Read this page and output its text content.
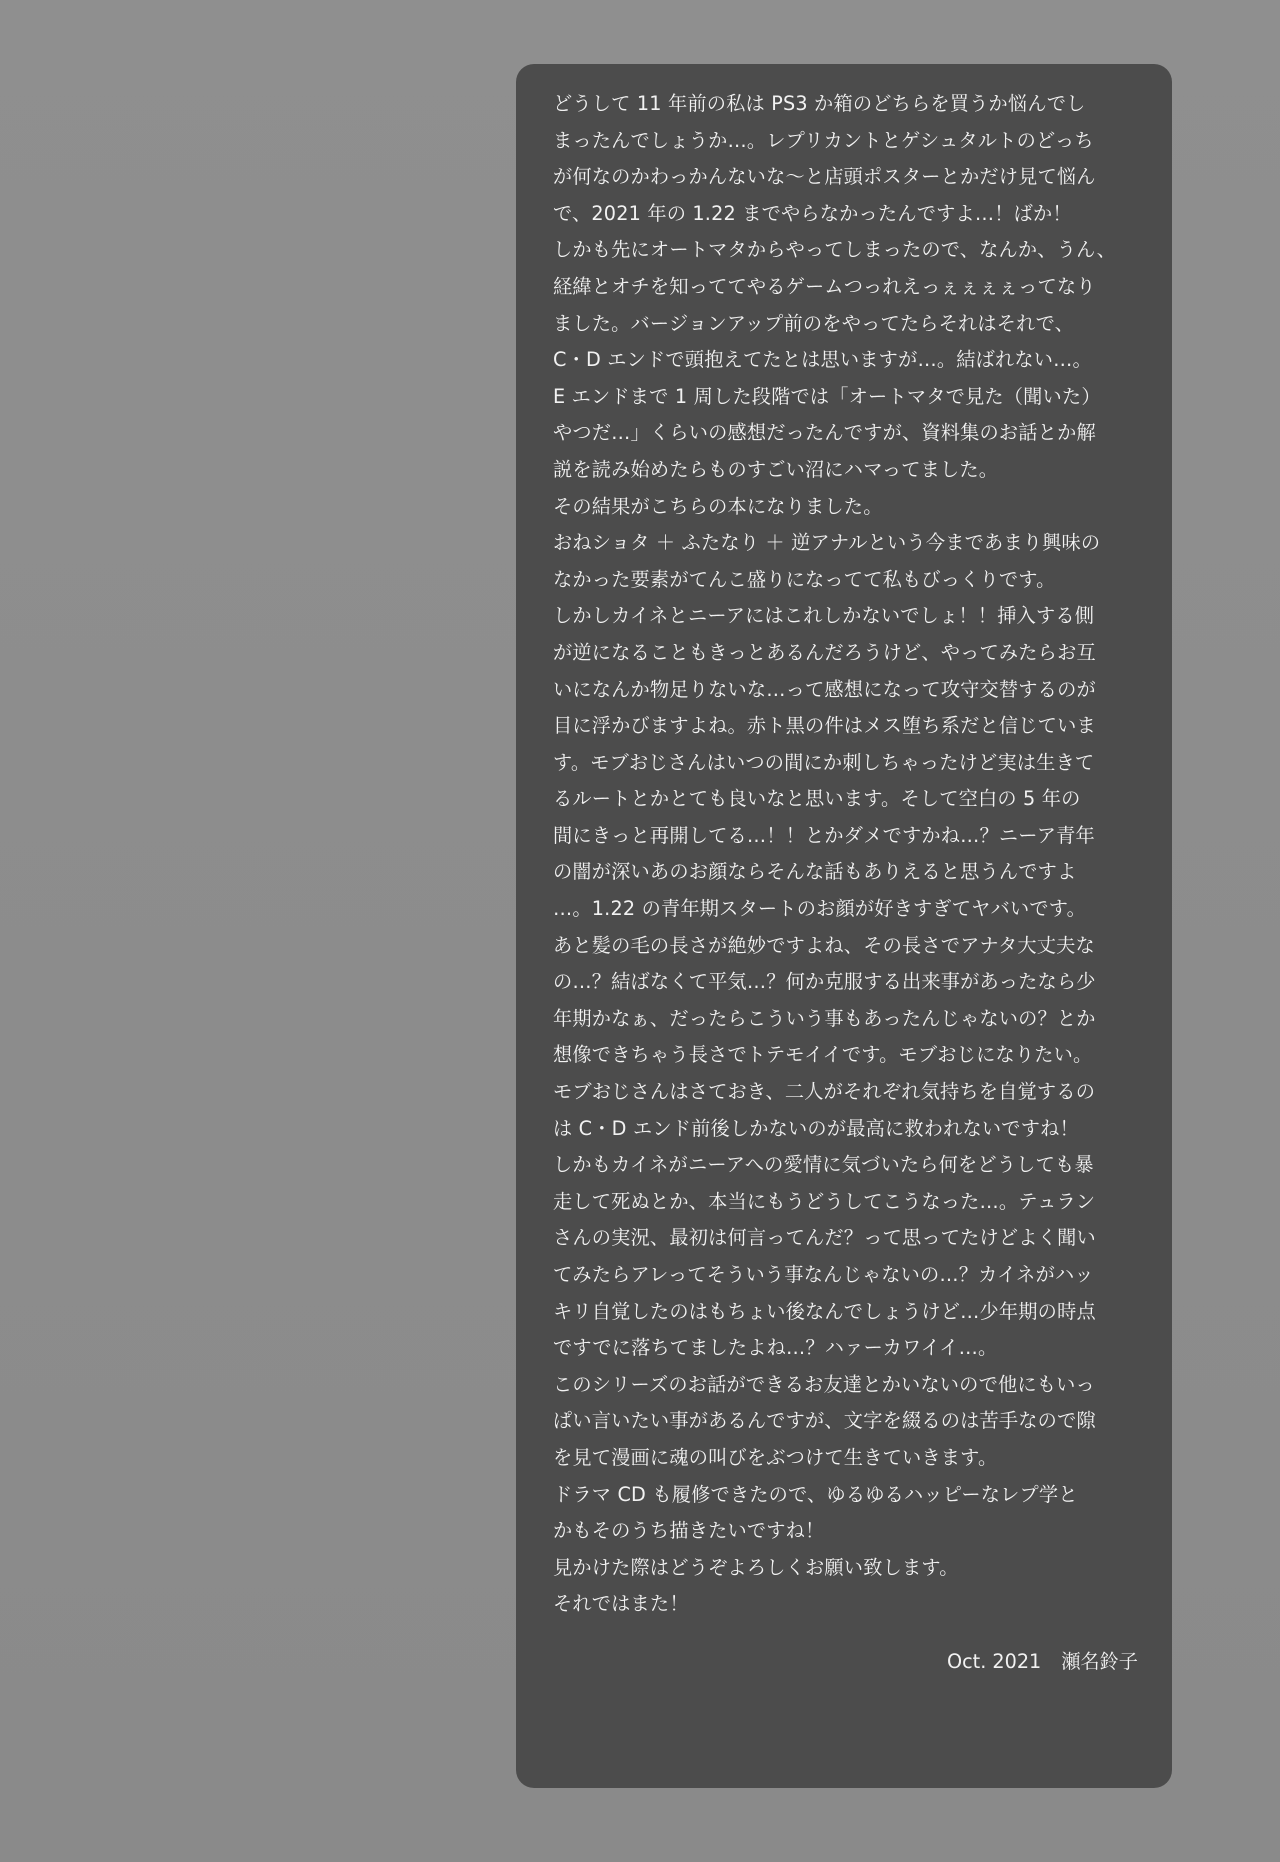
どうして 11 年前の私は PS3 か箱のどちらを買うか悩んでし
まったんでしょうか…。レプリカントとゲシュタルトのどっち
が何なのかわっかんないな～と店頭ポスターとかだけ見て悩ん
で、2021 年の 1.22 までやらなかったんですよ…！ばか！
しかも先にオートマタからやってしまったので、なんか、うん、
経緯とオチを知っててやるゲームつっれえっぇぇぇぇってなり
ました。バージョンアップ前のをやってたらそれはそれで、
C・D エンドで頭抱えてたとは思いますが…。結ばれない…。
E エンドまで 1 周した段階では「オートマタで見た（聞いた）
やつだ…」くらいの感想だったんですが、資料集のお話とか解
説を読み始めたらものすごい沼にハマってました。
その結果がこちらの本になりました。
おねショタ ＋ ふたなり ＋ 逆アナルという今まであまり興味の
なかった要素がてんこ盛りになってて私もびっくりです。
しかしカイネとニーアにはこれしかないでしょ！！挿入する側
が逆になることもきっとあるんだろうけど、やってみたらお互
いになんか物足りないな…って感想になって攻守交替するのが
目に浮かびますよね。赤ト黒の件はメス堕ち系だと信じていま
す。モブおじさんはいつの間にか刺しちゃったけど実は生きて
るルートとかとても良いなと思います。そして空白の 5 年の
間にきっと再開してる…！！とかダメですかね…？ニーア青年
の闇が深いあのお顔ならそんな話もありえると思うんですよ
…。1.22 の青年期スタートのお顔が好きすぎてヤバいです。
あと髪の毛の長さが絶妙ですよね、その長さでアナタ大丈夫な
の…？結ばなくて平気…？何か克服する出来事があったなら少
年期かなぁ、だったらこういう事もあったんじゃないの？とか
想像できちゃう長さでトテモイイです。モブおじになりたい。
モブおじさんはさておき、二人がそれぞれ気持ちを自覚するの
は C・D エンド前後しかないのが最高に救われないですね！
しかもカイネがニーアへの愛情に気づいたら何をどうしても暴
走して死ぬとか、本当にもうどうしてこうなった…。テュラン
さんの実況、最初は何言ってんだ？って思ってたけどよく聞い
てみたらアレってそういう事なんじゃないの…？カイネがハッ
キリ自覚したのはもちょい後なんでしょうけど…少年期の時点
ですでに落ちてましたよね…？ハァーカワイイ…。
このシリーズのお話ができるお友達とかいないので他にもいっ
ぱい言いたい事があるんですが、文字を綴るのは苦手なので隙
を見て漫画に魂の叫びをぶつけて生きていきます。
ドラマ CD も履修できたので、ゆるゆるハッピーなレプ学と
かもそのうち描きたいですね！
見かけた際はどうぞよろしくお願い致します。
それではまた！
Oct. 2021 瀬名鈴子
